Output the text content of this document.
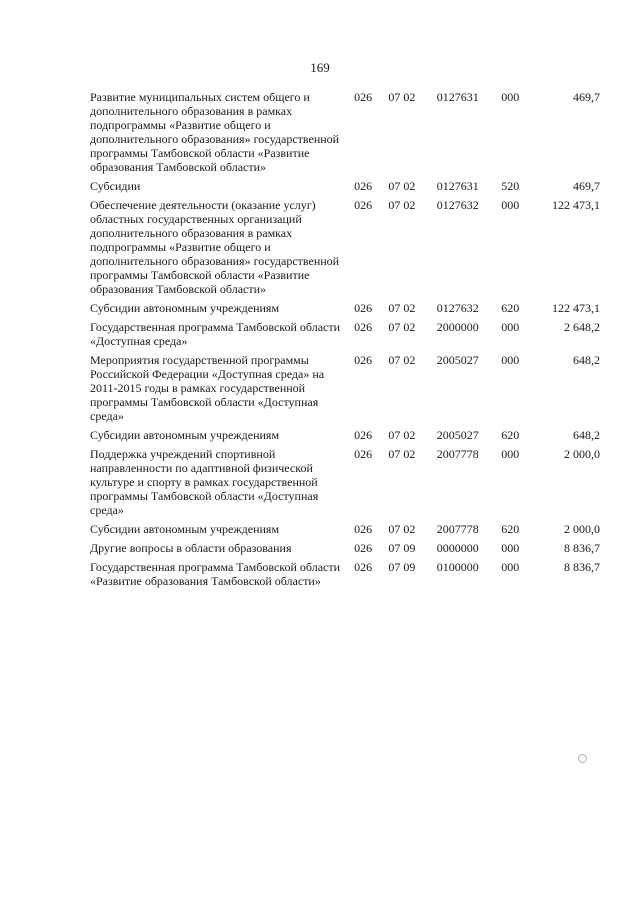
169
Развитие муниципальных систем общего и дополнительного образования в рамках подпрограммы «Развитие общего и дополнительного образования» государственной программы Тамбовской области «Развитие образования Тамбовской области»	026	07 02	0127631	000	469,7
Субсидии	026	07 02	0127631	520	469,7
Обеспечение деятельности (оказание услуг) областных государственных организаций дополнительного образования в рамках подпрограммы «Развитие общего и дополнительного образования» государственной программы Тамбовской области «Развитие образования Тамбовской области»	026	07 02	0127632	000	122 473,1
Субсидии автономным учреждениям	026	07 02	0127632	620	122 473,1
Государственная программа Тамбовской области «Доступная среда»	026	07 02	2000000	000	2 648,2
Мероприятия государственной программы Российской Федерации «Доступная среда» на 2011-2015 годы в рамках государственной программы Тамбовской области «Доступная среда»	026	07 02	2005027	000	648,2
Субсидии автономным учреждениям	026	07 02	2005027	620	648,2
Поддержка учреждений спортивной направленности по адаптивной физической культуре и спорту в рамках государственной программы Тамбовской области «Доступная среда»	026	07 02	2007778	000	2 000,0
Субсидии автономным учреждениям	026	07 02	2007778	620	2 000,0
Другие вопросы в области образования	026	07 09	0000000	000	8 836,7
Государственная программа Тамбовской области «Развитие образования Тамбовской области»	026	07 09	0100000	000	8 836,7
